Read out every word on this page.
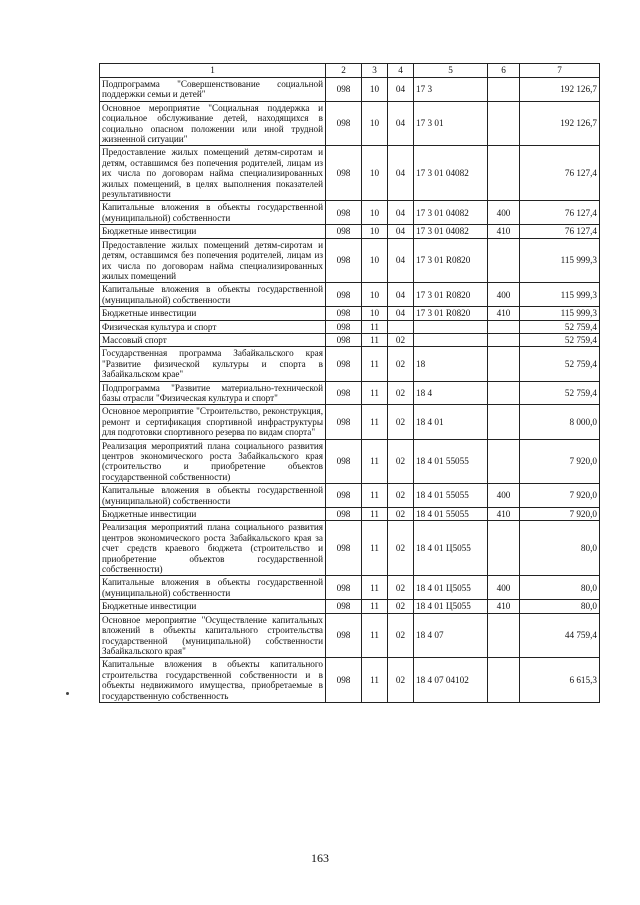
1	2	3	4	5	6	7
Подпрограмма "Совершенствование социальной поддержки семьи и детей"	098	10	04	17 3		192 126,7
Основное мероприятие "Социальная поддержка и социальное обслуживание детей, находящихся в социально опасном положении или иной трудной жизненной ситуации"	098	10	04	17 3 01		192 126,7
Предоставление жилых помещений детям-сиротам и детям, оставшимся без попечения родителей, лицам из их числа по договорам найма специализированных жилых помещений, в целях выполнения показателей результативности	098	10	04	17 3 01 04082		76 127,4
Капитальные вложения в объекты государственной (муниципальной) собственности	098	10	04	17 3 01 04082	400	76 127,4
Бюджетные инвестиции	098	10	04	17 3 01 04082	410	76 127,4
Предоставление жилых помещений детям-сиротам и детям, оставшимся без попечения родителей, лицам из их числа по договорам найма специализированных жилых помещений	098	10	04	17 3 01 R0820		115 999,3
Капитальные вложения в объекты государственной (муниципальной) собственности	098	10	04	17 3 01 R0820	400	115 999,3
Бюджетные инвестиции	098	10	04	17 3 01 R0820	410	115 999,3
Физическая культура и спорт	098	11				52 759,4
Массовый спорт	098	11	02			52 759,4
Государственная программа Забайкальского края "Развитие физической культуры и спорта в Забайкальском крае"	098	11	02	18		52 759,4
Подпрограмма "Развитие материально-технической базы отрасли "Физическая культура и спорт"	098	11	02	18 4		52 759,4
Основное мероприятие "Строительство, реконструкция, ремонт и сертификация спортивной инфраструктуры для подготовки спортивного резерва по видам спорта"	098	11	02	18 4 01		8 000,0
Реализация мероприятий плана социального развития центров экономического роста Забайкальского края (строительство и приобретение объектов государственной собственности)	098	11	02	18 4 01 55055		7 920,0
Капитальные вложения в объекты государственной (муниципальной) собственности	098	11	02	18 4 01 55055	400	7 920,0
Бюджетные инвестиции	098	11	02	18 4 01 55055	410	7 920,0
Реализация мероприятий плана социального развития центров экономического роста Забайкальского края за счет средств краевого бюджета (строительство и приобретение объектов государственной собственности)	098	11	02	18 4 01 Ц5055		80,0
Капитальные вложения в объекты государственной (муниципальной) собственности	098	11	02	18 4 01 Ц5055	400	80,0
Бюджетные инвестиции	098	11	02	18 4 01 Ц5055	410	80,0
Основное мероприятие "Осуществление капитальных вложений в объекты капитального строительства государственной (муниципальной) собственности Забайкальского края"	098	11	02	18 4 07		44 759,4
Капитальные вложения в объекты капитального строительства государственной собственности и в объекты недвижимого имущества, приобретаемые в государственную собственность	098	11	02	18 4 07 04102		6 615,3
163
